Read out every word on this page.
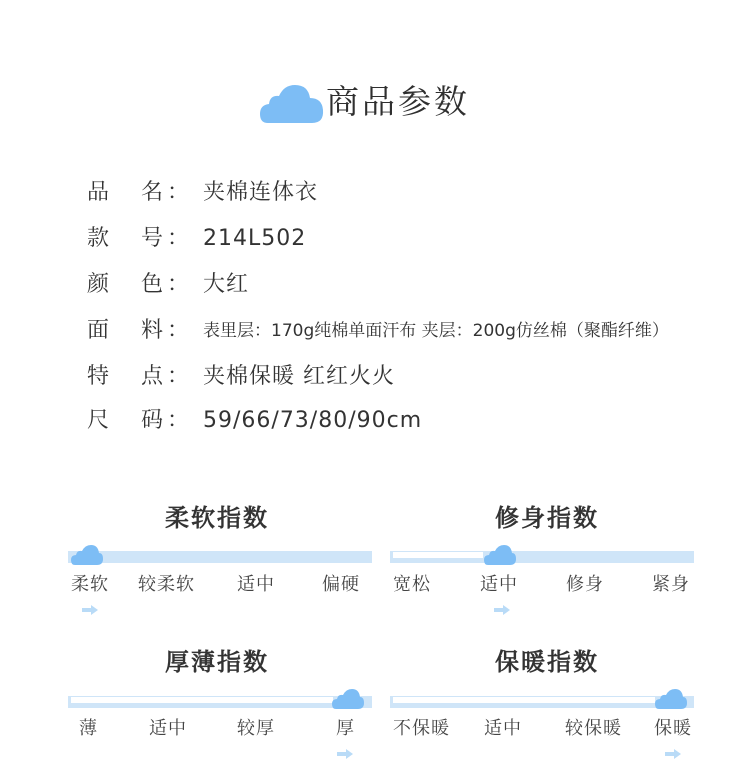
商品参数
品 名 ： 夹棉连体衣
款 号 ： 214L502
颜 色 ： 大红
面 料 ： 表里层：170g纯棉单面汗布 夹层：200g仿丝棉（聚酯纤维）
特 点 ： 夹棉保暖 红红火火
尺 码 ： 59/66/73/80/90cm
柔软指数
柔软 较柔软 适中	偏硬
修身指数
宽松	适中	修身	紧身
厚薄指数
薄	适中	较厚	厚
保暖指数
不保暖 适中 较保暖 保暖
